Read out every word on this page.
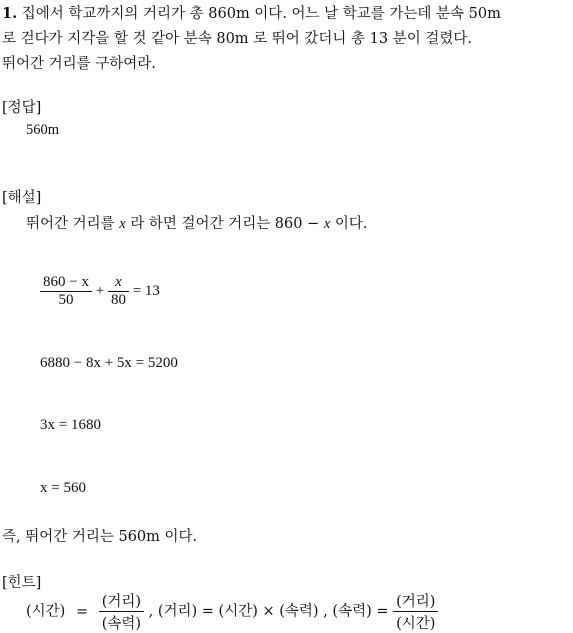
1. 집에서 학교까지의 거리가 총 860m 이다. 어느 날 학교를 가는데 분속 50m
로 걷다가 지각을 할 것 같아 분속 80m 로 뛰어 갔더니 총 13 분이 걸렸다.
뛰어간 거리를 구하여라.
[정답]
560m
[해설]
뛰어간 거리를 x 라 하면 걸어간 거리는 860 − x 이다.
$\frac{860 - x}{50} + \frac{x}{80} = 13$
6880 − 8x + 5x = 5200
3x = 1680
x = 560
즉, 뛰어간 거리는 560m 이다.
[힌트]
(시간) = $\frac{\text{(거리)}}{\text{(속력)}}$ , (거리) = (시간) × (속력) , (속력) = $\frac{\text{(거리)}}{\text{(시간)}}$
